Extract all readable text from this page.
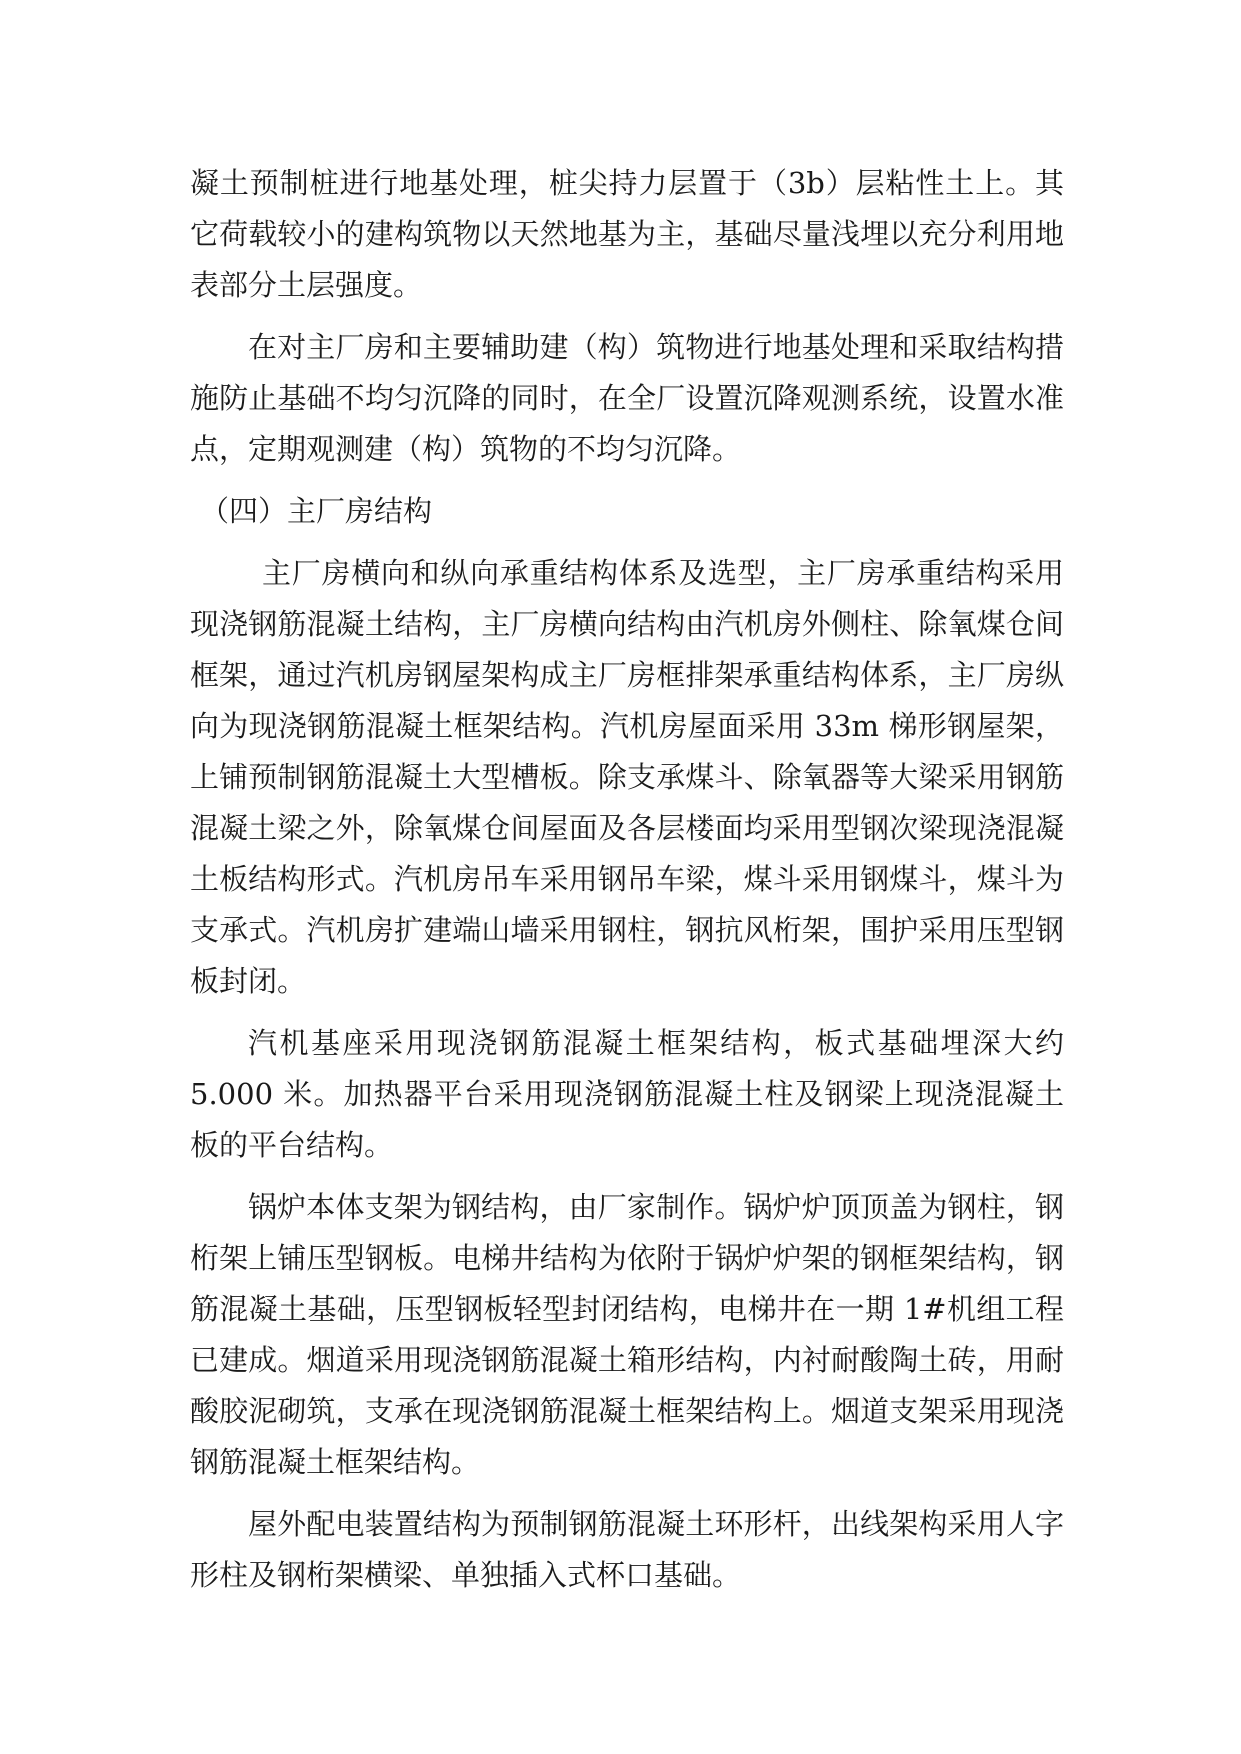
凝土预制桩进行地基处理，桩尖持力层置于（3b）层粘性土上。其它荷载较小的建构筑物以天然地基为主，基础尽量浅埋以充分利用地表部分土层强度。

在对主厂房和主要辅助建（构）筑物进行地基处理和采取结构措施防止基础不均匀沉降的同时，在全厂设置沉降观测系统，设置水准点，定期观测建（构）筑物的不均匀沉降。

（四）主厂房结构

主厂房横向和纵向承重结构体系及选型，主厂房承重结构采用现浇钢筋混凝土结构，主厂房横向结构由汽机房外侧柱、除氧煤仓间框架，通过汽机房钢屋架构成主厂房框排架承重结构体系，主厂房纵向为现浇钢筋混凝土框架结构。汽机房屋面采用 33m 梯形钢屋架，上铺预制钢筋混凝土大型槽板。除支承煤斗、除氧器等大梁采用钢筋混凝土梁之外，除氧煤仓间屋面及各层楼面均采用型钢次梁现浇混凝土板结构形式。汽机房吊车采用钢吊车梁，煤斗采用钢煤斗，煤斗为支承式。汽机房扩建端山墙采用钢柱，钢抗风桁架，围护采用压型钢板封闭。

汽机基座采用现浇钢筋混凝土框架结构，板式基础埋深大约 5.000 米。加热器平台采用现浇钢筋混凝土柱及钢梁上现浇混凝土板的平台结构。

锅炉本体支架为钢结构，由厂家制作。锅炉炉顶顶盖为钢柱，钢桁架上铺压型钢板。电梯井结构为依附于锅炉炉架的钢框架结构，钢筋混凝土基础，压型钢板轻型封闭结构，电梯井在一期 1#机组工程已建成。烟道采用现浇钢筋混凝土箱形结构，内衬耐酸陶土砖，用耐酸胶泥砌筑，支承在现浇钢筋混凝土框架结构上。烟道支架采用现浇钢筋混凝土框架结构。

屋外配电装置结构为预制钢筋混凝土环形杆，出线架构采用人字形柱及钢桁架横梁、单独插入式杯口基础。
